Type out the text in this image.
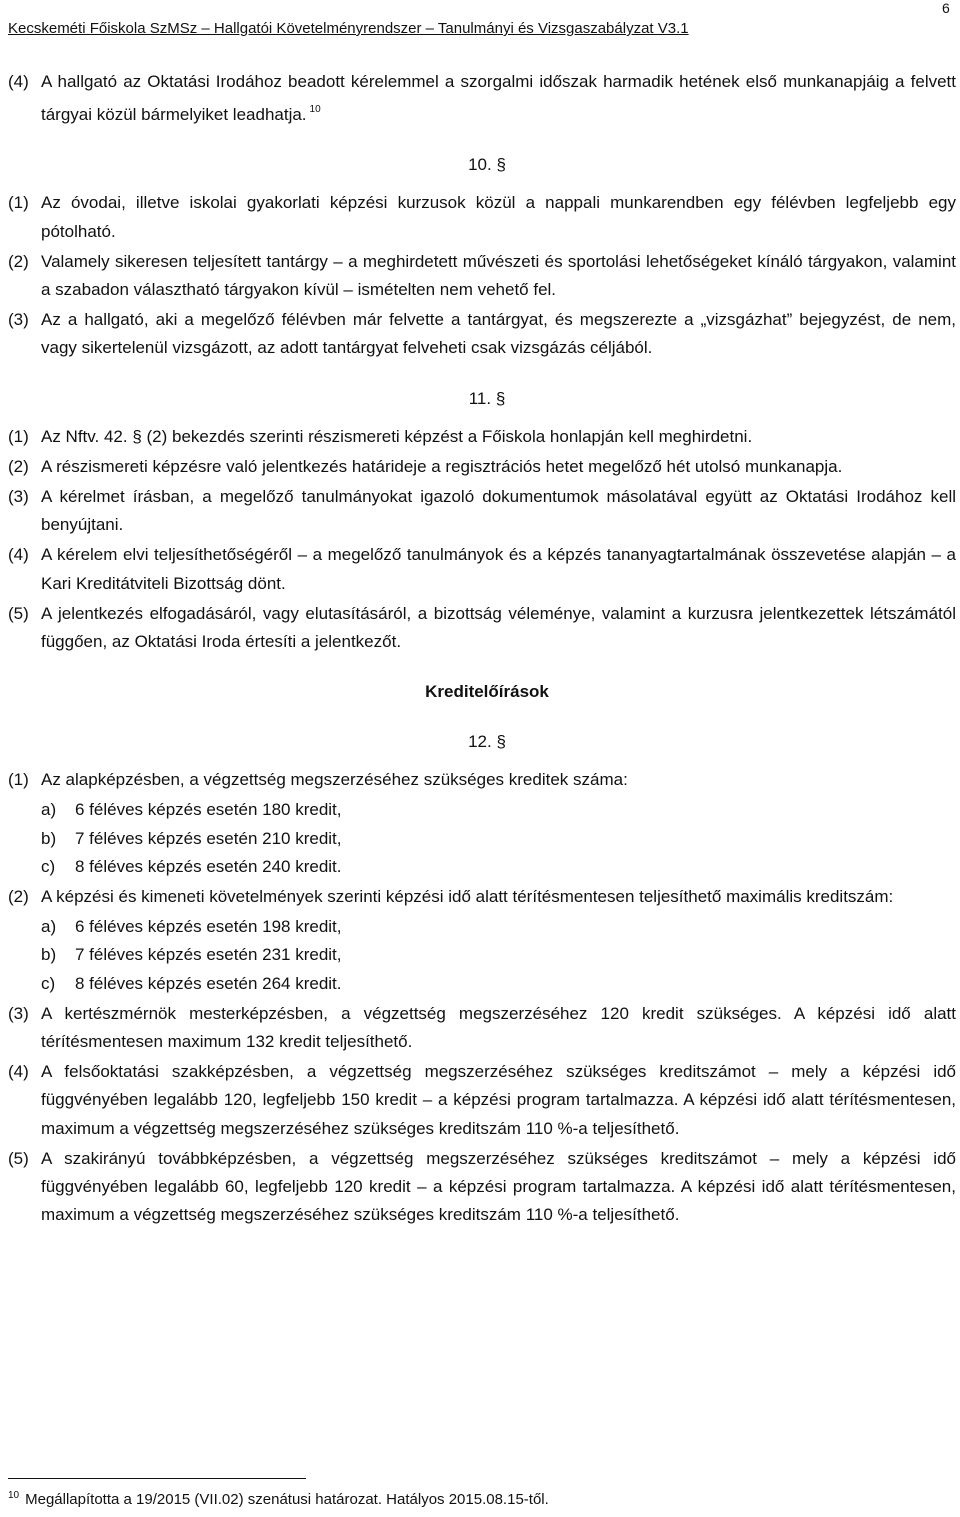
Kecskeméti Főiskola SzMSz – Hallgatói Követelményrendszer – Tanulmányi és Vizsgaszabályzat V3.1
6

(4) A hallgató az Oktatási Irodához beadott kérelemmel a szorgalmi időszak harmadik hetének első munkanapjáig a felvett tárgyai közül bármelyiket leadhatja. $^{10}$

10. §

(1) Az óvodai, illetve iskolai gyakorlati képzési kurzusok közül a nappali munkarendben egy félévben legfeljebb egy pótolható.

(2) Valamely sikeresen teljesített tantárgy – a meghirdetett művészeti és sportolási lehetőségeket kínáló tárgyakon, valamint a szabadon választható tárgyakon kívül – ismételten nem vehető fel.

(3) Az a hallgató, aki a megelőző félévben már felvette a tantárgyat, és megszerezte a „vizsgázhat” bejegyzést, de nem, vagy sikertelenül vizsgázott, az adott tantárgyat felveheti csak vizsgázás céljából.

11. §

(1) Az Nftv. 42. § (2) bekezdés szerinti részismereti képzést a Főiskola honlapján kell meghirdetni.

(2) A részismereti képzésre való jelentkezés határideje a regisztrációs hetet megelőző hét utolsó munkanapja.

(3) A kérelmet írásban, a megelőző tanulmányokat igazoló dokumentumok másolatával együtt az Oktatási Irodához kell benyújtani.

(4) A kérelem elvi teljesíthetőségéről – a megelőző tanulmányok és a képzés tananyagtartalmának összevetése alapján – a Kari Kreditátviteli Bizottság dönt.

(5) A jelentkezés elfogadásáról, vagy elutasításáról, a bizottság véleménye, valamint a kurzusra jelentkezettek létszámától függően, az Oktatási Iroda értesíti a jelentkezőt.

Kreditelőírások
12. §

(1) Az alapképzésben, a végzettség megszerzéséhez szükséges kreditek száma:

a) 6 féléves képzés esetén 180 kredit,

b) 7 féléves képzés esetén 210 kredit,

c) 8 féléves képzés esetén 240 kredit.

(2) A képzési és kimeneti követelmények szerinti képzési idő alatt térítésmentesen teljesíthető maximális kreditszám:

a) 6 féléves képzés esetén 198 kredit,

b) 7 féléves képzés esetén 231 kredit,

c) 8 féléves képzés esetén 264 kredit.

(3) A kertészmérnök mesterképzésben, a végzettség megszerzéséhez 120 kredit szükséges. A képzési idő alatt térítésmentesen maximum 132 kredit teljesíthető.

(4) A felsőoktatási szakképzésben, a végzettség megszerzéséhez szükséges kreditszámot – mely a képzési idő függvényében legalább 120, legfeljebb 150 kredit – a képzési program tartalmazza. A képzési idő alatt térítésmentesen, maximum a végzettség megszerzéséhez szükséges kreditszám 110 %-a teljesíthető.

(5) A szakirányú továbbképzésben, a végzettség megszerzéséhez szükséges kreditszámot – mely a képzési idő függvényében legalább 60, legfeljebb 120 kredit – a képzési program tartalmazza. A képzési idő alatt térítésmentesen, maximum a végzettség megszerzéséhez szükséges kreditszám 110 %-a teljesíthető.

$^{10}$ Megállapította a 19/2015 (VII.02) szenátusi határozat. Hatályos 2015.08.15-től.
